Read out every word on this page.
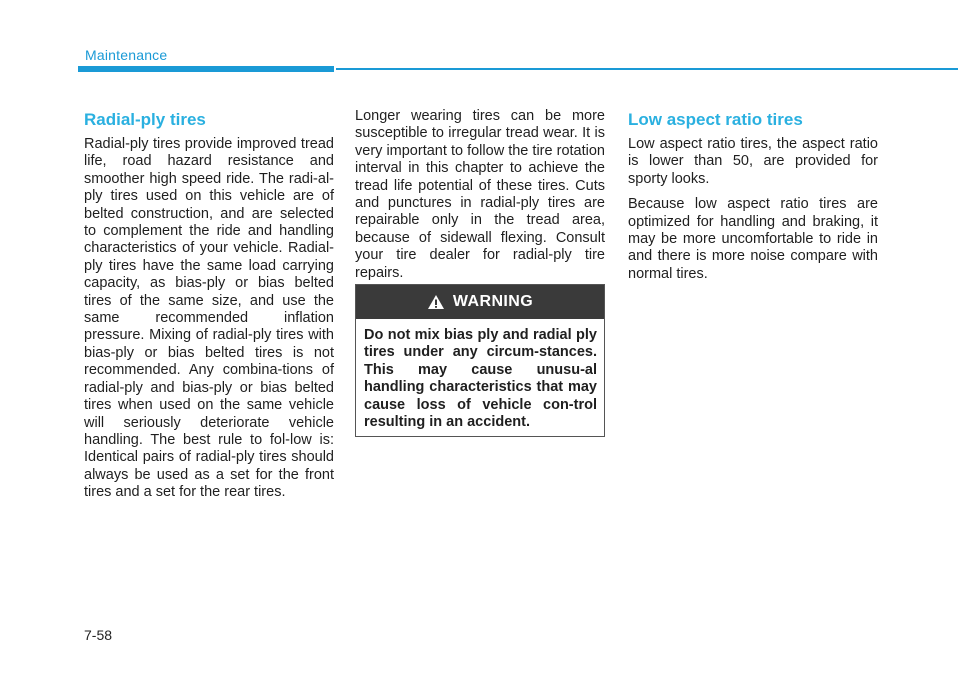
Maintenance
Radial-ply tires

Radial-ply tires provide improved tread life, road hazard resistance and smoother high speed ride. The radi-al-ply tires used on this vehicle are of belted construction, and are selected to complement the ride and handling characteristics of your vehicle. Radial-ply tires have the same load carrying capacity, as bias-ply or bias belted tires of the same size, and use the same recommended inflation pressure. Mixing of radial-ply tires with bias-ply or bias belted tires is not recommended. Any combina-tions of radial-ply and bias-ply or bias belted tires when used on the same vehicle will seriously deteriorate vehicle handling. The best rule to fol-low is: Identical pairs of radial-ply tires should always be used as a set for the front tires and a set for the rear tires.

Longer wearing tires can be more susceptible to irregular tread wear. It is very important to follow the tire rotation interval in this chapter to achieve the tread life potential of these tires. Cuts and punctures in radial-ply tires are repairable only in the tread area, because of sidewall flexing. Consult your tire dealer for radial-ply tire repairs.

WARNING
Do not mix bias ply and radial ply tires under any circum-stances. This may cause unusu-al handling characteristics that may cause loss of vehicle con-trol resulting in an accident.
Low aspect ratio tires

Low aspect ratio tires, the aspect ratio is lower than 50, are provided for sporty looks.

Because low aspect ratio tires are optimized for handling and braking, it may be more uncomfortable to ride in and there is more noise compare with normal tires.

7-58
